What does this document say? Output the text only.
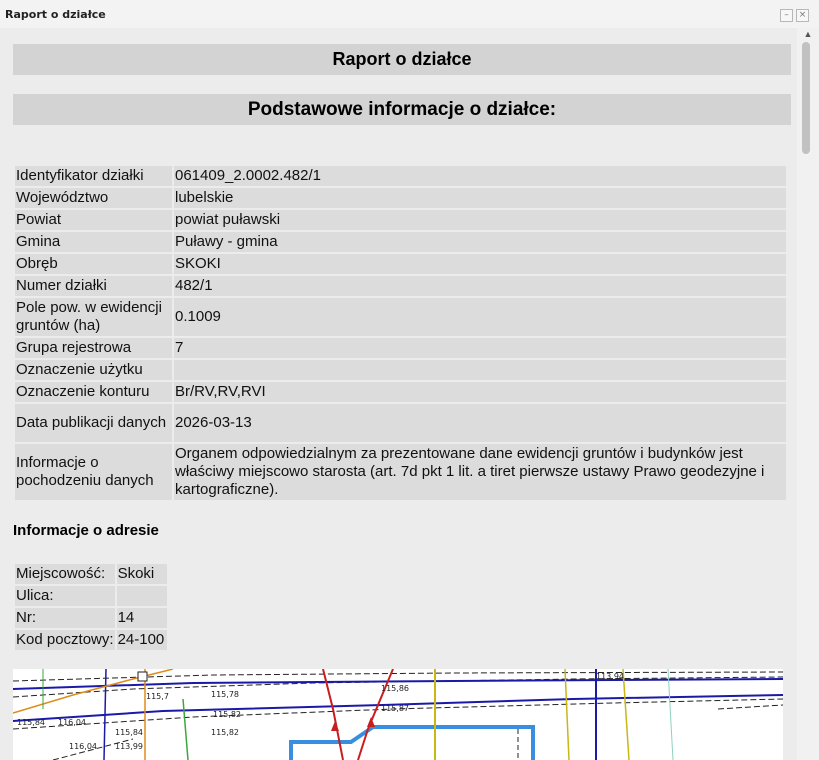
Raport o działce	–	×
Raport o działce
Podstawowe informacje o działce:
Identyfikator działki	061409_2.0002.482/1
Województwo	lubelskie
Powiat	powiat puławski
Gmina	Puławy - gmina
Obręb	SKOKI
Numer działki	482/1
Pole pow. w ewidencji gruntów (ha)	0.1009
Grupa rejestrowa	7
Oznaczenie użytku	
Oznaczenie konturu	Br/RV,RV,RVI
Data publikacji danych	2026-03-13
Informacje o pochodzeniu danych	Organem odpowiedzialnym za prezentowane dane ewidencji gruntów i budynków jest właściwy miejscowo starosta (art. 7d pkt 1 lit. a tiret pierwsze ustawy Prawo geodezyjne i kartograficzne).
Informacje o adresie
Miejscowość:	Skoki
Ulica:	
Nr:	14
Kod pocztowy:	24-100
115,7	115,78
115,82
115,82
115,86
115,87
113,94
116,04
115,84
113,99
116,04
115,84
▲
